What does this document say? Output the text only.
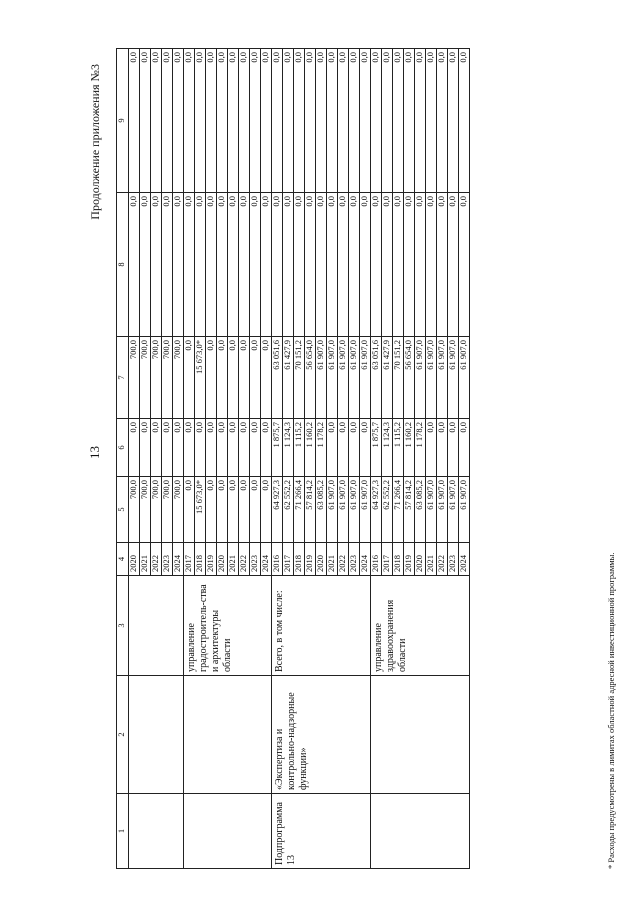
13
Продолжение приложения №3
1	2	3	4	5	6	7	8	9
			2020	700,0	0,0	700,0	0,0	0,0
			2021	700,0	0,0	700,0	0,0	0,0
			2022	700,0	0,0	700,0	0,0	0,0
			2023	700,0	0,0	700,0	0,0	0,0
			2024	700,0	0,0	700,0	0,0	0,0
		управление градостроитель-ства и архитектуры области	2017	0,0	0,0	0,0	0,0	0,0
			2018	15 673,0*	0,0	15 673,0*	0,0	0,0
			2019	0,0	0,0	0,0	0,0	0,0
			2020	0,0	0,0	0,0	0,0	0,0
			2021	0,0	0,0	0,0	0,0	0,0
			2022	0,0	0,0	0,0	0,0	0,0
			2023	0,0	0,0	0,0	0,0	0,0
			2024	0,0	0,0	0,0	0,0	0,0
Подпрограмма 13	«Экспертиза и контрольно-надзорные функции»	Всего, в том числе:	2016	64 927,3	1 875,7	63 051,6	0,0	0,0
			2017	62 552,2	1 124,3	61 427,9	0,0	0,0
			2018	71 266,4	1 115,2	70 151,2	0,0	0,0
			2019	57 814,2	1 160,2	56 654,0	0,0	0,0
			2020	63 085,2	1 178,2	61 907,0	0,0	0,0
			2021	61 907,0	0,0	61 907,0	0,0	0,0
			2022	61 907,0	0,0	61 907,0	0,0	0,0
			2023	61 907,0	0,0	61 907,0	0,0	0,0
			2024	61 907,0	0,0	61 907,0	0,0	0,0
		управление здравоохранения области	2016	64 927,3	1 875,7	63 051,6	0,0	0,0
			2017	62 552,2	1 124,3	61 427,9	0,0	0,0
			2018	71 266,4	1 115,2	70 151,2	0,0	0,0
			2019	57 814,2	1 160,2	56 654,0	0,0	0,0
			2020	63 085,2	1 178,2	61 907,0	0,0	0,0
			2021	61 907,0	0,0	61 907,0	0,0	0,0
			2022	61 907,0	0,0	61 907,0	0,0	0,0
			2023	61 907,0	0,0	61 907,0	0,0	0,0
			2024	61 907,0	0,0	61 907,0	0,0	0,0
* Расходы предусмотрены в лимитах областной адресной инвестиционной программы.
